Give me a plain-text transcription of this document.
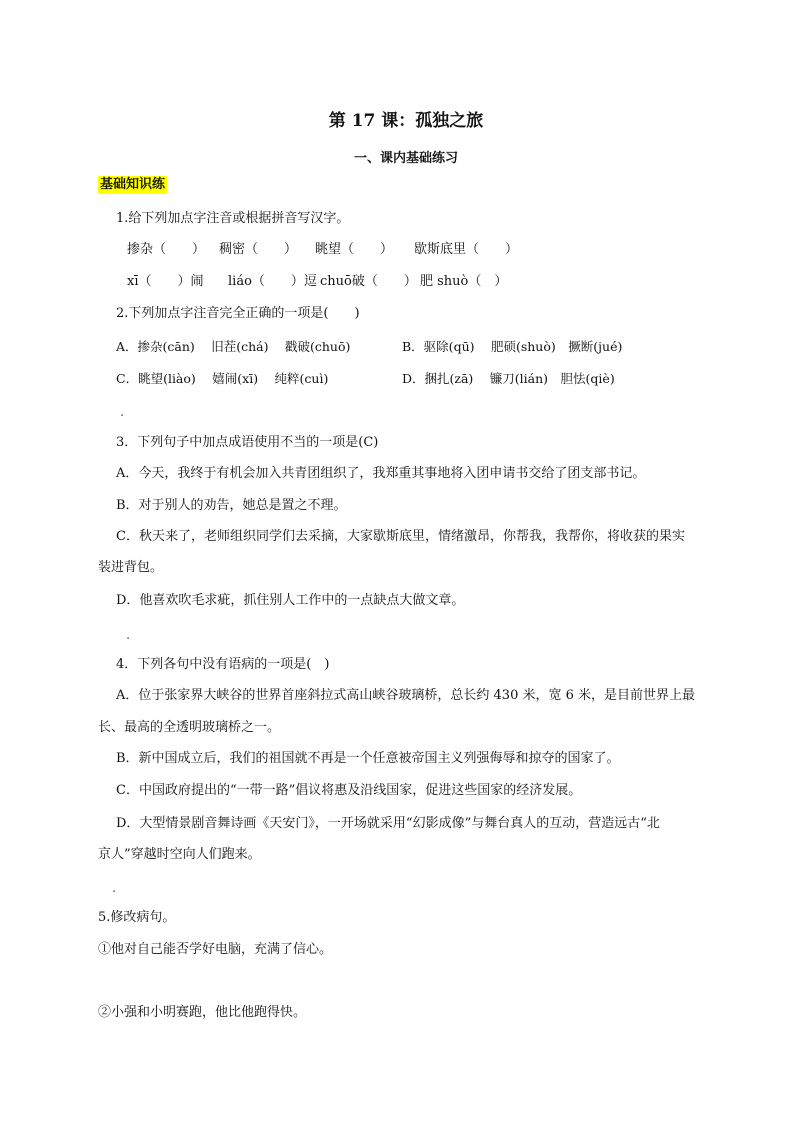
第 17 课：孤独之旅
一、课内基础练习
基础知识练
1.给下列加点字注音或根据拼音写汉字。
掺杂（　　） 稠密（　　） 眺望（　　） 歇斯底里（　　）
xī（　　）闹 liáo（　　）逗 chuō破（　　） 肥 shuò（　）
2.下列加点字注音完全正确的一项是(　　)
A．掺杂(cān)　 旧茬(chá)　 戳破(chuō)	B．驱除(qū)　 肥硕(shuò)　撅断(jué)
C．眺望(liào)　 嬉闹(xī)　 纯粹(cuì)	D．捆扎(zā)　 镰刀(lián)　胆怯(qiè)
.
3．下列句子中加点成语使用不当的一项是(C)
A．今天，我终于有机会加入共青团组织了，我郑重其事地将入团申请书交给了团支部书记。
B．对于别人的劝告，她总是置之不理。
C．秋天来了，老师组织同学们去采摘，大家歇斯底里，情绪激昂，你帮我，我帮你，将收获的果实
装进背包。
D．他喜欢吹毛求疵，抓住别人工作中的一点缺点大做文章。
.
4．下列各句中没有语病的一项是(　)
A．位于张家界大峡谷的世界首座斜拉式高山峡谷玻璃桥，总长约 430 米，宽 6 米，是目前世界上最
长、最高的全透明玻璃桥之一。
B．新中国成立后，我们的祖国就不再是一个任意被帝国主义列强侮辱和掠夺的国家了。
C．中国政府提出的“一带一路”倡议将惠及沿线国家，促进这些国家的经济发展。
D．大型情景剧音舞诗画《天安门》，一开场就采用“幻影成像”与舞台真人的互动，营造远古“北
京人”穿越时空向人们跑来。
.
5.修改病句。
①他对自己能否学好电脑，充满了信心。
②小强和小明赛跑，他比他跑得快。
